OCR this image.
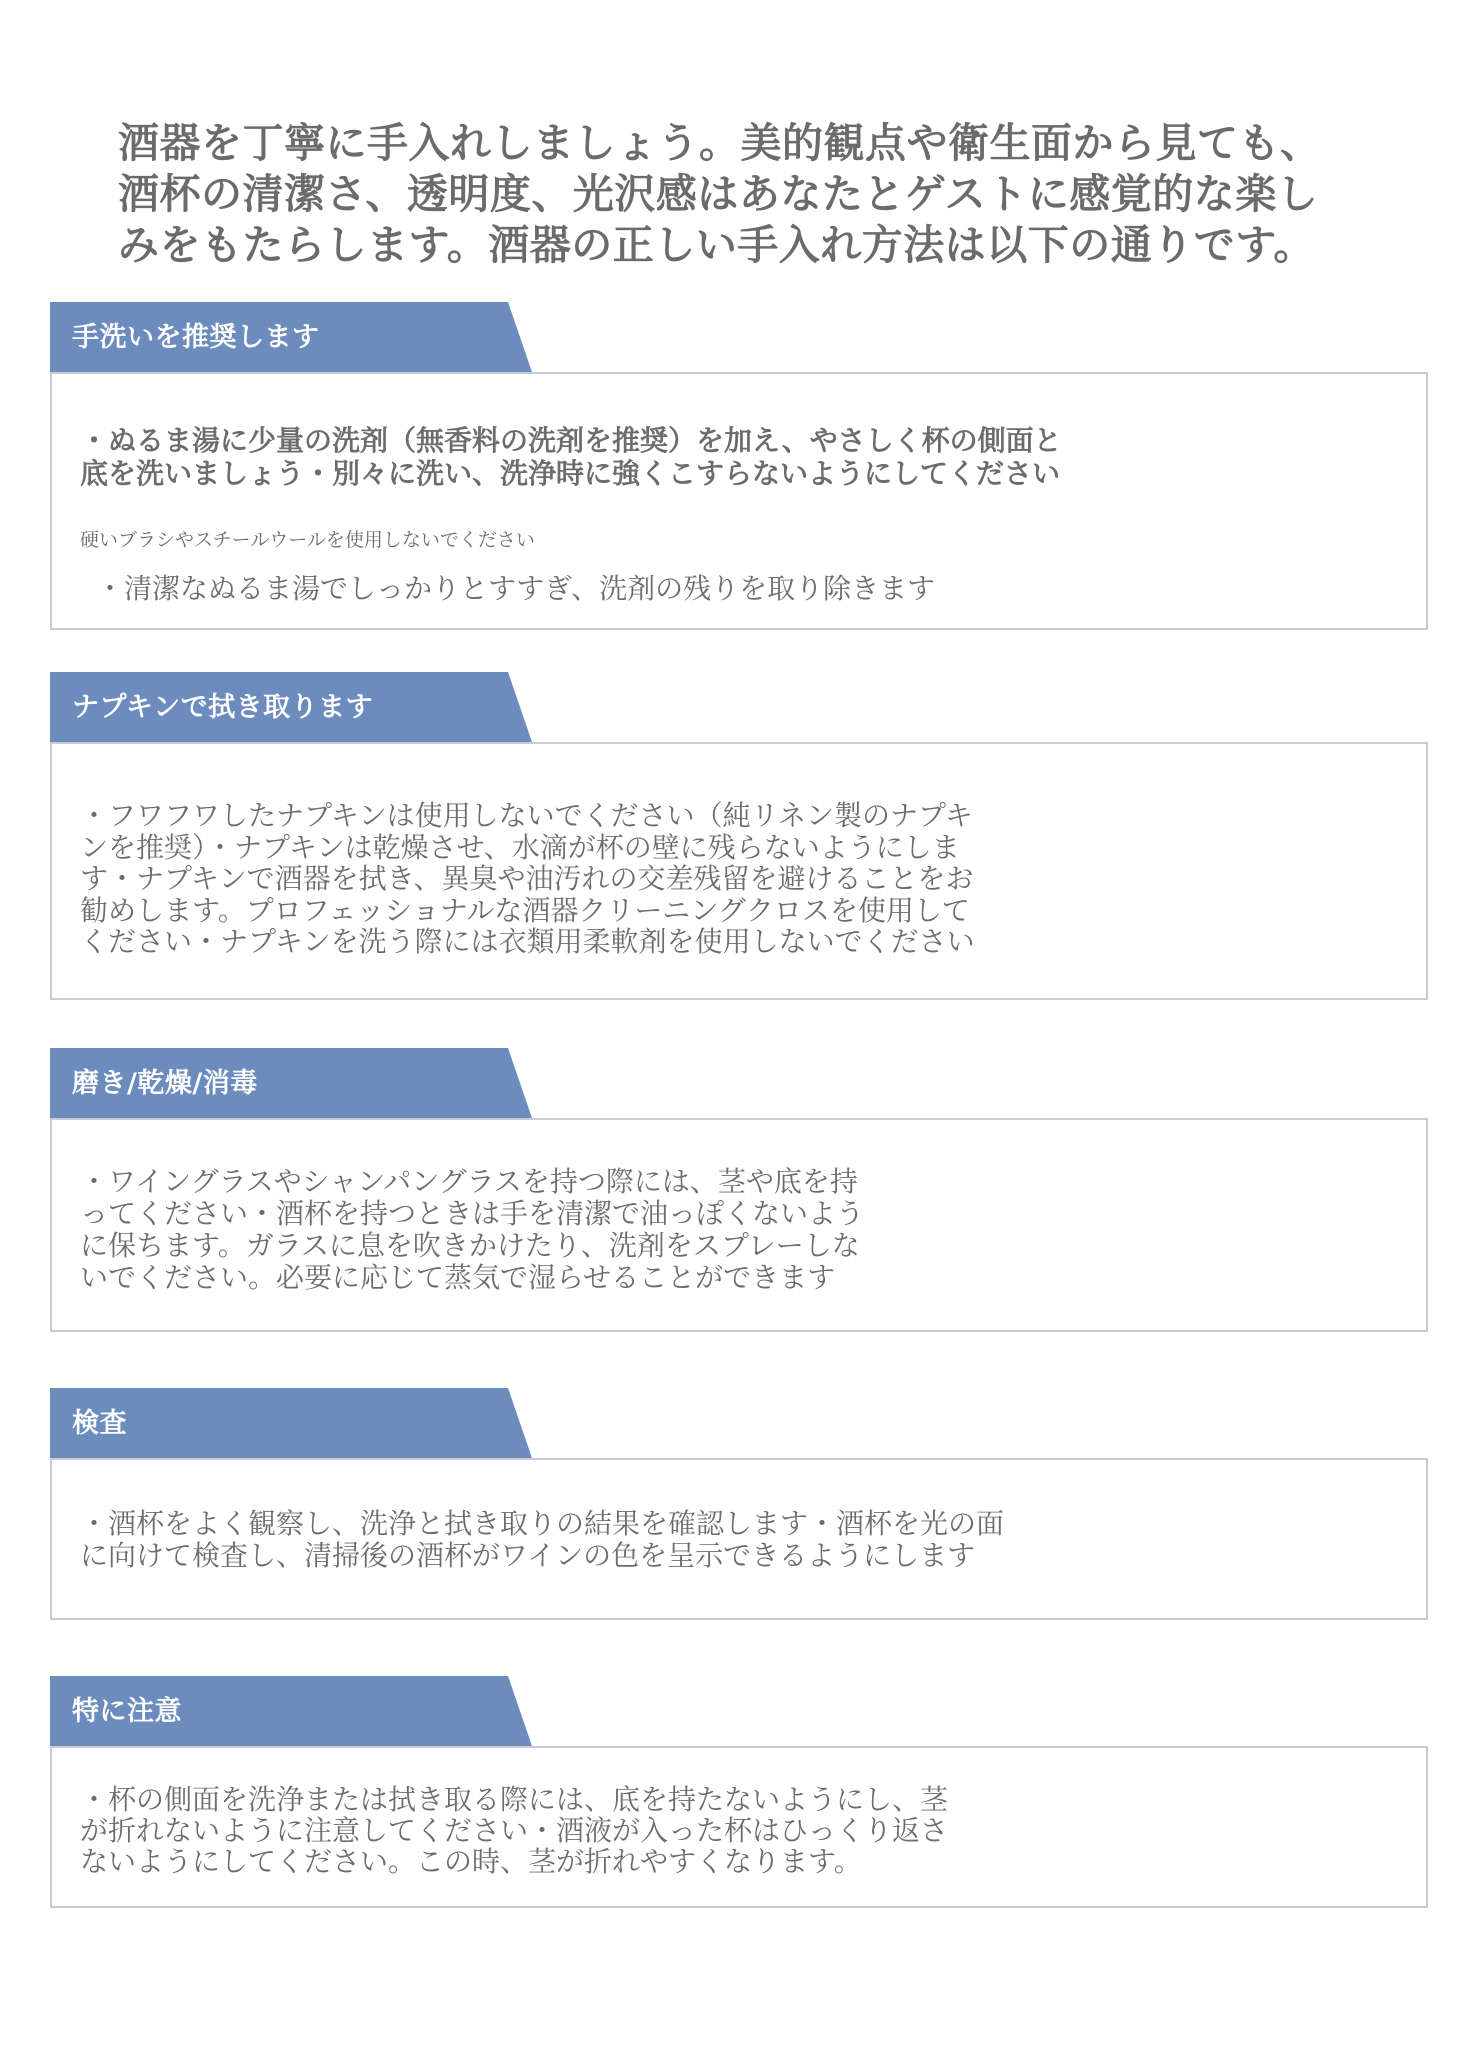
酒器を丁寧に手入れしましょう。美的観点や衛生面から見ても、
酒杯の清潔さ、透明度、光沢感はあなたとゲストに感覚的な楽し
みをもたらします。酒器の正しい手入れ方法は以下の通りです。
手洗いを推奨します
・ぬるま湯に少量の洗剤（無香料の洗剤を推奨）を加え、やさしく杯の側面と
底を洗いましょう・別々に洗い、洗浄時に強くこすらないようにしてください
硬いブラシやスチールウールを使用しないでください
・清潔なぬるま湯でしっかりとすすぎ、洗剤の残りを取り除きます
ナプキンで拭き取ります
・フワフワしたナプキンは使用しないでください（純リネン製のナプキ
ンを推奨）・ナプキンは乾燥させ、水滴が杯の壁に残らないようにしま
す・ナプキンで酒器を拭き、異臭や油汚れの交差残留を避けることをお
勧めします。プロフェッショナルな酒器クリーニングクロスを使用して
ください・ナプキンを洗う際には衣類用柔軟剤を使用しないでください
磨き/乾燥/消毒
・ワイングラスやシャンパングラスを持つ際には、茎や底を持
ってください・酒杯を持つときは手を清潔で油っぽくないよう
に保ちます。ガラスに息を吹きかけたり、洗剤をスプレーしな
いでください。必要に応じて蒸気で湿らせることができます
検査
・酒杯をよく観察し、洗浄と拭き取りの結果を確認します・酒杯を光の面
に向けて検査し、清掃後の酒杯がワインの色を呈示できるようにします
特に注意
・杯の側面を洗浄または拭き取る際には、底を持たないようにし、茎
が折れないように注意してください・酒液が入った杯はひっくり返さ
ないようにしてください。この時、茎が折れやすくなります。
